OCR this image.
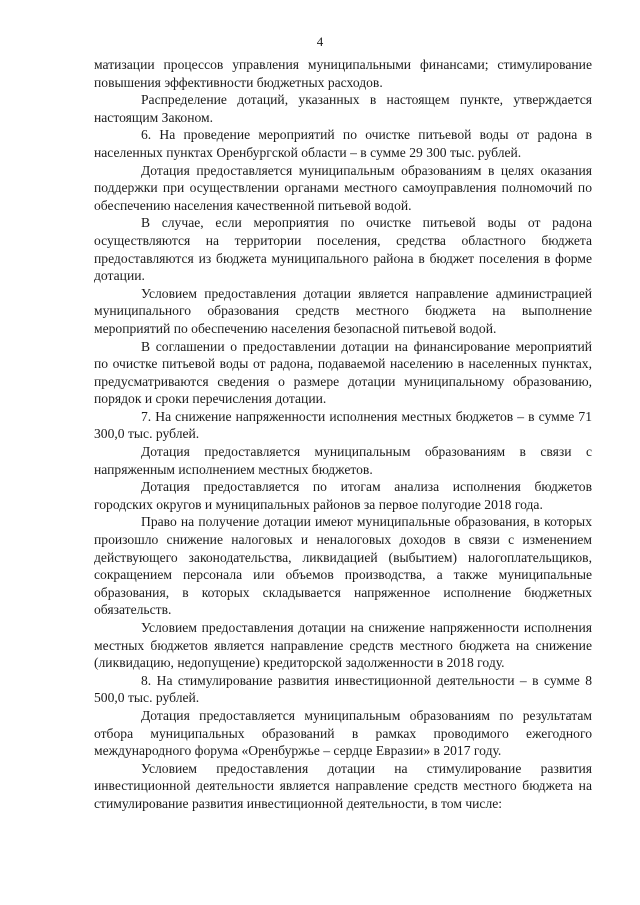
4

матизации процессов управления муниципальными финансами; стимулирование повышения эффективности бюджетных расходов.

Распределение дотаций, указанных в настоящем пункте, утверждается настоящим Законом.

6. На проведение мероприятий по очистке питьевой воды от радона в населенных пунктах Оренбургской области – в сумме 29 300 тыс. рублей.

Дотация предоставляется муниципальным образованиям в целях оказания поддержки при осуществлении органами местного самоуправления полномочий по обеспечению населения качественной питьевой водой.

В случае, если мероприятия по очистке питьевой воды от радона осуществляются на территории поселения, средства областного бюджета предоставляются из бюджета муниципального района в бюджет поселения в форме дотации.

Условием предоставления дотации является направление администрацией муниципального образования средств местного бюджета на выполнение мероприятий по обеспечению населения безопасной питьевой водой.

В соглашении о предоставлении дотации на финансирование мероприятий по очистке питьевой воды от радона, подаваемой населению в населенных пунктах, предусматриваются сведения о размере дотации муниципальному образованию, порядок и сроки перечисления дотации.

7. На снижение напряженности исполнения местных бюджетов – в сумме 71 300,0 тыс. рублей.

Дотация предоставляется муниципальным образованиям в связи с напряженным исполнением местных бюджетов.

Дотация предоставляется по итогам анализа исполнения бюджетов городских округов и муниципальных районов за первое полугодие 2018 года.

Право на получение дотации имеют муниципальные образования, в которых произошло снижение налоговых и неналоговых доходов в связи с изменением действующего законодательства, ликвидацией (выбытием) налогоплательщиков, сокращением персонала или объемов производства, а также муниципальные образования, в которых складывается напряженное исполнение бюджетных обязательств.

Условием предоставления дотации на снижение напряженности исполнения местных бюджетов является направление средств местного бюджета на снижение (ликвидацию, недопущение) кредиторской задолженности в 2018 году.

8. На стимулирование развития инвестиционной деятельности – в сумме 8 500,0 тыс. рублей.

Дотация предоставляется муниципальным образованиям по результатам отбора муниципальных образований в рамках проводимого ежегодного международного форума «Оренбуржье – сердце Евразии» в 2017 году.

Условием предоставления дотации на стимулирование развития инвестиционной деятельности является направление средств местного бюджета на стимулирование развития инвестиционной деятельности, в том числе:
